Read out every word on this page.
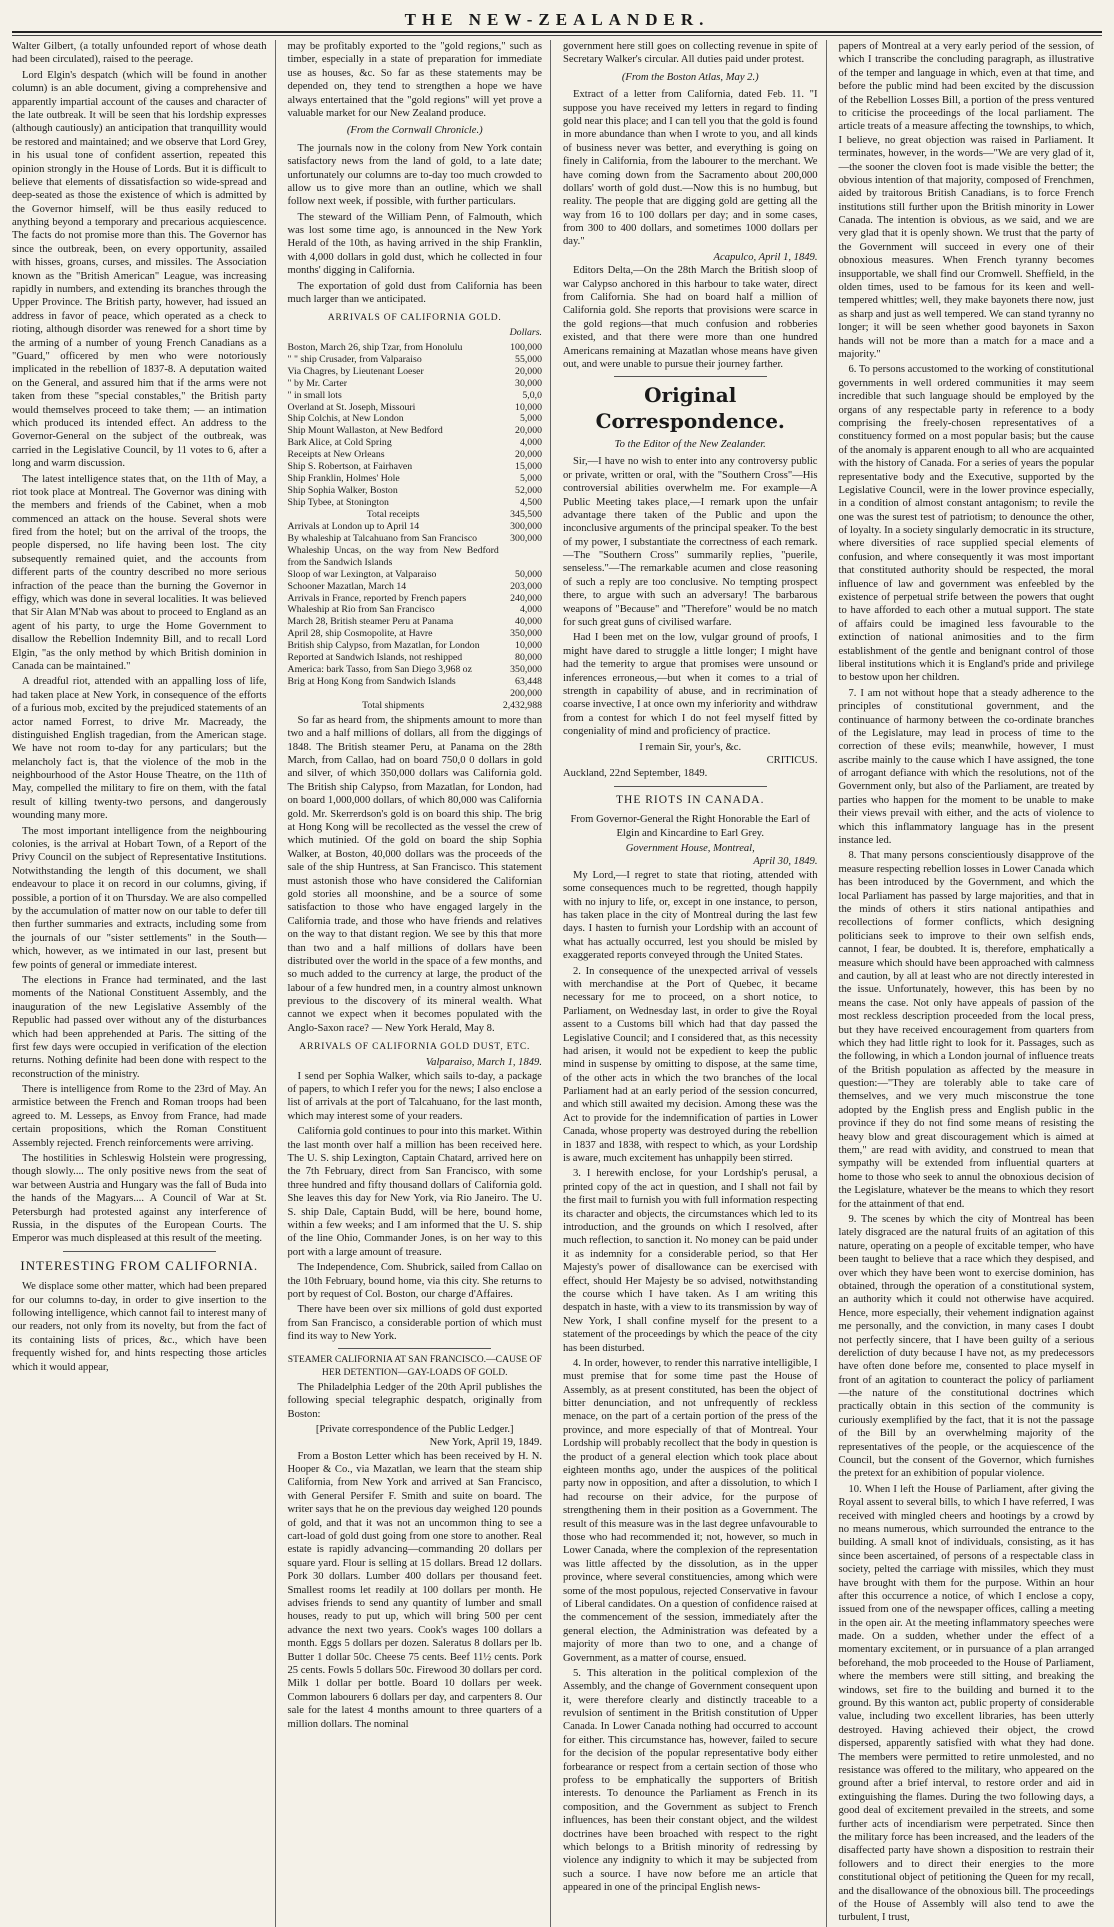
THE NEW-ZEALANDER.

Walter Gilbert, (a totally unfounded report of whose death had been circulated), raised to the peerage.

Lord Elgin's despatch (which will be found in another column) is an able document, giving a comprehensive and apparently impartial account of the causes and character of the late outbreak. It will be seen that his lordship expresses (although cautiously) an anticipation that tranquillity would be restored and maintained; and we observe that Lord Grey, in his usual tone of confident assertion, repeated this opinion strongly in the House of Lords. But it is difficult to believe that elements of dissatisfaction so wide-spread and deep-seated as those the existence of which is admitted by the Governor himself, will be thus easily reduced to anything beyond a temporary and precarious acquiescence. The facts do not promise more than this. The Governor has since the outbreak, been, on every opportunity, assailed with hisses, groans, curses, and missiles. The Association known as the "British American" League, was increasing rapidly in numbers, and extending its branches through the Upper Province. The British party, however, had issued an address in favor of peace, which operated as a check to rioting, although disorder was renewed for a short time by the arming of a number of young French Canadians as a "Guard," officered by men who were notoriously implicated in the rebellion of 1837-8. A deputation waited on the General, and assured him that if the arms were not taken from these "special constables," the British party would themselves proceed to take them; — an intimation which produced its intended effect. An address to the Governor-General on the subject of the outbreak, was carried in the Legislative Council, by 11 votes to 6, after a long and warm discussion.

The latest intelligence states that, on the 11th of May, a riot took place at Montreal. The Governor was dining with the members and friends of the Cabinet, when a mob commenced an attack on the house. Several shots were fired from the hotel; but on the arrival of the troops, the people dispersed, no life having been lost. The city subsequently remained quiet, and the accounts from different parts of the country described no more serious infraction of the peace than the burning the Governor in effigy, which was done in several localities. It was believed that Sir Alan M'Nab was about to proceed to England as an agent of his party, to urge the Home Government to disallow the Rebellion Indemnity Bill, and to recall Lord Elgin, "as the only method by which British dominion in Canada can be maintained."

A dreadful riot, attended with an appalling loss of life, had taken place at New York, in consequence of the efforts of a furious mob, excited by the prejudiced statements of an actor named Forrest, to drive Mr. Macready, the distinguished English tragedian, from the American stage. We have not room to-day for any particulars; but the melancholy fact is, that the violence of the mob in the neighbourhood of the Astor House Theatre, on the 11th of May, compelled the military to fire on them, with the fatal result of killing twenty-two persons, and dangerously wounding many more.

The most important intelligence from the neighbouring colonies, is the arrival at Hobart Town, of a Report of the Privy Council on the subject of Representative Institutions. Notwithstanding the length of this document, we shall endeavour to place it on record in our columns, giving, if possible, a portion of it on Thursday. We are also compelled by the accumulation of matter now on our table to defer till then further summaries and extracts, including some from the journals of our "sister settlements" in the South—which, however, as we intimated in our last, present but few points of general or immediate interest.

The elections in France had terminated, and the last moments of the National Constituent Assembly, and the inauguration of the new Legislative Assembly of the Republic had passed over without any of the disturbances which had been apprehended at Paris. The sitting of the first few days were occupied in verification of the election returns. Nothing definite had been done with respect to the reconstruction of the ministry.

There is intelligence from Rome to the 23rd of May. An armistice between the French and Roman troops had been agreed to. M. Lesseps, as Envoy from France, had made certain propositions, which the Roman Constituent Assembly rejected. French reinforcements were arriving.

The hostilities in Schleswig Holstein were progressing, though slowly.... The only positive news from the seat of war between Austria and Hungary was the fall of Buda into the hands of the Magyars.... A Council of War at St. Petersburgh had protested against any interference of Russia, in the disputes of the European Courts. The Emperor was much displeased at this result of the meeting.

INTERESTING FROM CALIFORNIA.

We displace some other matter, which had been prepared for our columns to-day, in order to give insertion to the following intelligence, which cannot fail to interest many of our readers, not only from its novelty, but from the fact of its containing lists of prices, &c., which have been frequently wished for, and hints respecting those articles which it would appear,

may be profitably exported to the "gold regions," such as timber, especially in a state of preparation for immediate use as houses, &c. So far as these statements may be depended on, they tend to strengthen a hope we have always entertained that the "gold regions" will yet prove a valuable market for our New Zealand produce.

(From the Cornwall Chronicle.)

The journals now in the colony from New York contain satisfactory news from the land of gold, to a late date; unfortunately our columns are to-day too much crowded to allow us to give more than an outline, which we shall follow next week, if possible, with further particulars.

The steward of the William Penn, of Falmouth, which was lost some time ago, is announced in the New York Herald of the 10th, as having arrived in the ship Franklin, with 4,000 dollars in gold dust, which he collected in four months' digging in California.

The exportation of gold dust from California has been much larger than we anticipated.

ARRIVALS OF CALIFORNIA GOLD.
Dollars.
Boston, March 26, ship Tzar, from Honolulu	100,000
" " ship Crusader, from Valparaiso	55,000
Via Chagres, by Lieutenant Loeser	20,000
" by Mr. Carter	30,000
" in small lots	5,0,0
Overland at St. Joseph, Missouri	10,000
Ship Colchis, at New London	5,000
Ship Mount Wallaston, at New Bedford	20,000
Bark Alice, at Cold Spring	4,000
Receipts at New Orleans	20,000
Ship S. Robertson, at Fairhaven	15,000
Ship Franklin, Holmes' Hole	5,000
Ship Sophia Walker, Boston	52,000
Ship Tybee, at Stonington	4,500
Total receipts	345,500
Arrivals at London up to April 14	300,000
By whaleship at Talcahuano from San Francisco	300,000
Whaleship Uncas, on the way from New Bedford from the Sandwich Islands	
Sloop of war Lexington, at Valparaiso	50,000
Schooner Mazatlan, March 14	203,000
Arrivals in France, reported by French papers	240,000
Whaleship at Rio from San Francisco	4,000
March 28, British steamer Peru at Panama	40,000
April 28, ship Cosmopolite, at Havre	350,000
British ship Calypso, from Mazatlan, for London	10,000
Reported at Sandwich Islands, not reshipped	80,000
America: bark Tasso, from San Diego 3,968 oz	350,000
Brig at Hong Kong from Sandwich Islands	63,448
	200,000
Total shipments	2,432,988

So far as heard from, the shipments amount to more than two and a half millions of dollars, all from the diggings of 1848. The British steamer Peru, at Panama on the 28th March, from Callao, had on board 750,0 0 dollars in gold and silver, of which 350,000 dollars was California gold. The British ship Calypso, from Mazatlan, for London, had on board 1,000,000 dollars, of which 80,000 was California gold. Mr. Skerrerdson's gold is on board this ship. The brig at Hong Kong will be recollected as the vessel the crew of which mutinied. Of the gold on board the ship Sophia Walker, at Boston, 40,000 dollars was the proceeds of the sale of the ship Huntress, at San Francisco. This statement must astonish those who have considered the Californian gold stories all moonshine, and be a source of some satisfaction to those who have engaged largely in the California trade, and those who have friends and relatives on the way to that distant region. We see by this that more than two and a half millions of dollars have been distributed over the world in the space of a few months, and so much added to the currency at large, the product of the labour of a few hundred men, in a country almost unknown previous to the discovery of its mineral wealth. What cannot we expect when it becomes populated with the Anglo-Saxon race? — New York Herald, May 8.

ARRIVALS OF CALIFORNIA GOLD DUST, ETC.
Valparaiso, March 1, 1849.

I send per Sophia Walker, which sails to-day, a package of papers, to which I refer you for the news; I also enclose a list of arrivals at the port of Talcahuano, for the last month, which may interest some of your readers.

California gold continues to pour into this market. Within the last month over half a million has been received here. The U. S. ship Lexington, Captain Chatard, arrived here on the 7th February, direct from San Francisco, with some three hundred and fifty thousand dollars of California gold. She leaves this day for New York, via Rio Janeiro. The U. S. ship Dale, Captain Budd, will be here, bound home, within a few weeks; and I am informed that the U. S. ship of the line Ohio, Commander Jones, is on her way to this port with a large amount of treasure.

The Independence, Com. Shubrick, sailed from Callao on the 10th February, bound home, via this city. She returns to port by request of Col. Boston, our charge d'Affaires.

There have been over six millions of gold dust exported from San Francisco, a considerable portion of which must find its way to New York.

STEAMER CALIFORNIA AT SAN FRANCISCO.—CAUSE OF HER DETENTION—GAY-LOADS OF GOLD.

The Philadelphia Ledger of the 20th April publishes the following special telegraphic despatch, originally from Boston:

[Private correspondence of the Public Ledger.]
New York, April 19, 1849.

From a Boston Letter which has been received by H. N. Hooper & Co., via Mazatlan, we learn that the steam ship California, from New York and arrived at San Francisco, with General Persifer F. Smith and suite on board. The writer says that he on the previous day weighed 120 pounds of gold, and that it was not an uncommon thing to see a cart-load of gold dust going from one store to another. Real estate is rapidly advancing—commanding 20 dollars per square yard. Flour is selling at 15 dollars. Bread 12 dollars. Pork 30 dollars. Lumber 400 dollars per thousand feet. Smallest rooms let readily at 100 dollars per month. He advises friends to send any quantity of lumber and small houses, ready to put up, which will bring 500 per cent advance the next two years. Cook's wages 100 dollars a month. Eggs 5 dollars per dozen. Saleratus 8 dollars per lb. Butter 1 dollar 50c. Cheese 75 cents. Beef 11½ cents. Pork 25 cents. Fowls 5 dollars 50c. Firewood 30 dollars per cord. Milk 1 dollar per bottle. Board 10 dollars per week. Common labourers 6 dollars per day, and carpenters 8. Our sale for the latest 4 months amount to three quarters of a million dollars. The nominal

government here still goes on collecting revenue in spite of Secretary Walker's circular. All duties paid under protest.

(From the Boston Atlas, May 2.)

Extract of a letter from California, dated Feb. 11. "I suppose you have received my letters in regard to finding gold near this place; and I can tell you that the gold is found in more abundance than when I wrote to you, and all kinds of business never was better, and everything is going on finely in California, from the labourer to the merchant. We have coming down from the Sacramento about 200,000 dollars' worth of gold dust.—Now this is no humbug, but reality. The people that are digging gold are getting all the way from 16 to 100 dollars per day; and in some cases, from 300 to 400 dollars, and sometimes 1000 dollars per day."

Acapulco, April 1, 1849.

Editors Delta,—On the 28th March the British sloop of war Calypso anchored in this harbour to take water, direct from California. She had on board half a million of California gold. She reports that provisions were scarce in the gold regions—that much confusion and robberies existed, and that there were more than one hundred Americans remaining at Mazatlan whose means have given out, and were unable to pursue their journey farther.

Original Correspondence.
To the Editor of the New Zealander.

Sir,—I have no wish to enter into any controversy public or private, written or oral, with the "Southern Cross"—His controversial abilities overwhelm me. For example—A Public Meeting takes place,—I remark upon the unfair advantage there taken of the Public and upon the inconclusive arguments of the principal speaker. To the best of my power, I substantiate the correctness of each remark.—The "Southern Cross" summarily replies, "puerile, senseless."—The remarkable acumen and close reasoning of such a reply are too conclusive. No tempting prospect there, to argue with such an adversary! The barbarous weapons of "Because" and "Therefore" would be no match for such great guns of civilised warfare.

Had I been met on the low, vulgar ground of proofs, I might have dared to struggle a little longer; I might have had the temerity to argue that promises were unsound or inferences erroneous,—but when it comes to a trial of strength in capability of abuse, and in recrimination of coarse invective, I at once own my inferiority and withdraw from a contest for which I do not feel myself fitted by congeniality of mind and proficiency of practice.

I remain Sir, your's, &c.
CRITICUS.
Auckland, 22nd September, 1849.
THE RIOTS IN CANADA.

From Governor-General the Right Honorable the Earl of Elgin and Kincardine to Earl Grey.

Government House, Montreal,
April 30, 1849.

My Lord,—I regret to state that rioting, attended with some consequences much to be regretted, though happily with no injury to life, or, except in one instance, to person, has taken place in the city of Montreal during the last few days. I hasten to furnish your Lordship with an account of what has actually occurred, lest you should be misled by exaggerated reports conveyed through the United States.

2. In consequence of the unexpected arrival of vessels with merchandise at the Port of Quebec, it became necessary for me to proceed, on a short notice, to Parliament, on Wednesday last, in order to give the Royal assent to a Customs bill which had that day passed the Legislative Council; and I considered that, as this necessity had arisen, it would not be expedient to keep the public mind in suspense by omitting to dispose, at the same time, of the other acts in which the two branches of the local Parliament had at an early period of the session concurred, and which still awaited my decision. Among these was the Act to provide for the indemnification of parties in Lower Canada, whose property was destroyed during the rebellion in 1837 and 1838, with respect to which, as your Lordship is aware, much excitement has unhappily been stirred.

3. I herewith enclose, for your Lordship's perusal, a printed copy of the act in question, and I shall not fail by the first mail to furnish you with full information respecting its character and objects, the circumstances which led to its introduction, and the grounds on which I resolved, after much reflection, to sanction it. No money can be paid under it as indemnity for a considerable period, so that Her Majesty's power of disallowance can be exercised with effect, should Her Majesty be so advised, notwithstanding the course which I have taken. As I am writing this despatch in haste, with a view to its transmission by way of New York, I shall confine myself for the present to a statement of the proceedings by which the peace of the city has been disturbed.

4. In order, however, to render this narrative intelligible, I must premise that for some time past the House of Assembly, as at present constituted, has been the object of bitter denunciation, and not unfrequently of reckless menace, on the part of a certain portion of the press of the province, and more especially of that of Montreal. Your Lordship will probably recollect that the body in question is the product of a general election which took place about eighteen months ago, under the auspices of the political party now in opposition, and after a dissolution, to which I had recourse on their advice, for the purpose of strengthening them in their position as a Government. The result of this measure was in the last degree unfavourable to those who had recommended it; not, however, so much in Lower Canada, where the complexion of the representation was little affected by the dissolution, as in the upper province, where several constituencies, among which were some of the most populous, rejected Conservative in favour of Liberal candidates. On a question of confidence raised at the commencement of the session, immediately after the general election, the Administration was defeated by a majority of more than two to one, and a change of Government, as a matter of course, ensued.

5. This alteration in the political complexion of the Assembly, and the change of Government consequent upon it, were therefore clearly and distinctly traceable to a revulsion of sentiment in the British constitution of Upper Canada. In Lower Canada nothing had occurred to account for either. This circumstance has, however, failed to secure for the decision of the popular representative body either forbearance or respect from a certain section of those who profess to be emphatically the supporters of British interests. To denounce the Parliament as French in its composition, and the Government as subject to French influences, has been their constant object, and the wildest doctrines have been broached with respect to the right which belongs to a British minority of redressing by violence any indignity to which it may be subjected from such a source. I have now before me an article that appeared in one of the principal English news-

papers of Montreal at a very early period of the session, of which I transcribe the concluding paragraph, as illustrative of the temper and language in which, even at that time, and before the public mind had been excited by the discussion of the Rebellion Losses Bill, a portion of the press ventured to criticise the proceedings of the local parliament. The article treats of a measure affecting the townships, to which, I believe, no great objection was raised in Parliament. It terminates, however, in the words—"We are very glad of it,—the sooner the cloven foot is made visible the better; the obvious intention of that majority, composed of Frenchmen, aided by traitorous British Canadians, is to force French institutions still further upon the British minority in Lower Canada. The intention is obvious, as we said, and we are very glad that it is openly shown. We trust that the party of the Government will succeed in every one of their obnoxious measures. When French tyranny becomes insupportable, we shall find our Cromwell. Sheffield, in the olden times, used to be famous for its keen and well-tempered whittles; well, they make bayonets there now, just as sharp and just as well tempered. We can stand tyranny no longer; it will be seen whether good bayonets in Saxon hands will not be more than a match for a mace and a majority."

6. To persons accustomed to the working of constitutional governments in well ordered communities it may seem incredible that such language should be employed by the organs of any respectable party in reference to a body comprising the freely-chosen representatives of a constituency formed on a most popular basis; but the cause of the anomaly is apparent enough to all who are acquainted with the history of Canada. For a series of years the popular representative body and the Executive, supported by the Legislative Council, were in the lower province especially, in a condition of almost constant antagonism; to revile the one was the surest test of patriotism; to denounce the other, of loyalty. In a society singularly democratic in its structure, where diversities of race supplied special elements of confusion, and where consequently it was most important that constituted authority should be respected, the moral influence of law and government was enfeebled by the existence of perpetual strife between the powers that ought to have afforded to each other a mutual support. The state of affairs could be imagined less favourable to the extinction of national animosities and to the firm establishment of the gentle and benignant control of those liberal institutions which it is England's pride and privilege to bestow upon her children.

7. I am not without hope that a steady adherence to the principles of constitutional government, and the continuance of harmony between the co-ordinate branches of the Legislature, may lead in process of time to the correction of these evils; meanwhile, however, I must ascribe mainly to the cause which I have assigned, the tone of arrogant defiance with which the resolutions, not of the Government only, but also of the Parliament, are treated by parties who happen for the moment to be unable to make their views prevail with either, and the acts of violence to which this inflammatory language has in the present instance led.

8. That many persons conscientiously disapprove of the measure respecting rebellion losses in Lower Canada which has been introduced by the Government, and which the local Parliament has passed by large majorities, and that in the minds of others it stirs national antipathies and recollections of former conflicts, which designing politicians seek to improve to their own selfish ends, cannot, I fear, be doubted. It is, therefore, emphatically a measure which should have been approached with calmness and caution, by all at least who are not directly interested in the issue. Unfortunately, however, this has been by no means the case. Not only have appeals of passion of the most reckless description proceeded from the local press, but they have received encouragement from quarters from which they had little right to look for it. Passages, such as the following, in which a London journal of influence treats of the British population as affected by the measure in question:—"They are tolerably able to take care of themselves, and we very much misconstrue the tone adopted by the English press and English public in the province if they do not find some means of resisting the heavy blow and great discouragement which is aimed at them," are read with avidity, and construed to mean that sympathy will be extended from influential quarters at home to those who seek to annul the obnoxious decision of the Legislature, whatever be the means to which they resort for the attainment of that end.

9. The scenes by which the city of Montreal has been lately disgraced are the natural fruits of an agitation of this nature, operating on a people of excitable temper, who have been taught to believe that a race which they despised, and over which they have been wont to exercise dominion, has obtained, through the operation of a constitutional system, an authority which it could not otherwise have acquired. Hence, more especially, their vehement indignation against me personally, and the conviction, in many cases I doubt not perfectly sincere, that I have been guilty of a serious dereliction of duty because I have not, as my predecessors have often done before me, consented to place myself in front of an agitation to counteract the policy of parliament—the nature of the constitutional doctrines which practically obtain in this section of the community is curiously exemplified by the fact, that it is not the passage of the Bill by an overwhelming majority of the representatives of the people, or the acquiescence of the Council, but the consent of the Governor, which furnishes the pretext for an exhibition of popular violence.

10. When I left the House of Parliament, after giving the Royal assent to several bills, to which I have referred, I was received with mingled cheers and hootings by a crowd by no means numerous, which surrounded the entrance to the building. A small knot of individuals, consisting, as it has since been ascertained, of persons of a respectable class in society, pelted the carriage with missiles, which they must have brought with them for the purpose. Within an hour after this occurrence a notice, of which I enclose a copy, issued from one of the newspaper offices, calling a meeting in the open air. At the meeting inflammatory speeches were made. On a sudden, whether under the effect of a momentary excitement, or in pursuance of a plan arranged beforehand, the mob proceeded to the House of Parliament, where the members were still sitting, and breaking the windows, set fire to the building and burned it to the ground. By this wanton act, public property of considerable value, including two excellent libraries, has been utterly destroyed. Having achieved their object, the crowd dispersed, apparently satisfied with what they had done. The members were permitted to retire unmolested, and no resistance was offered to the military, who appeared on the ground after a brief interval, to restore order and aid in extinguishing the flames. During the two following days, a good deal of excitement prevailed in the streets, and some further acts of incendiarism were perpetrated. Since then the military force has been increased, and the leaders of the disaffected party have shown a disposition to restrain their followers and to direct their energies to the more constitutional object of petitioning the Queen for my recall, and the disallowance of the obnoxious bill. The proceedings of the House of Assembly will also tend to awe the turbulent, I trust,
